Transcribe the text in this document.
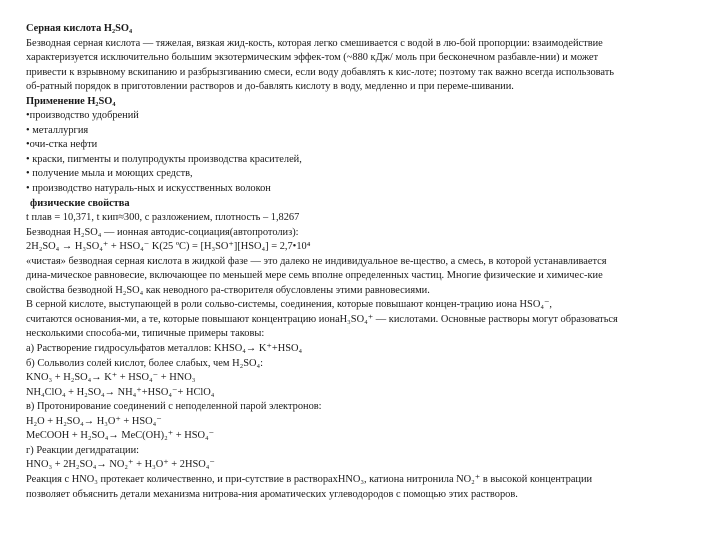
Серная кислота H₂SO₄
Безводная серная кислота — тяжелая, вязкая жид-кость, которая легко смешивается с водой в лю-бой пропорции: взаимодействие
характеризуется исключительно большим экзотермическим эффек-том (~880 кДж/ моль при бесконечном разбавле-нии) и может
привести к взрывному вскипанию и разбрызгиванию смеси, если воду добавлять к кис-лоте; поэтому так важно всегда использовать
об-ратный порядок в приготовлении растворов и до-бавлять кислоту в воду, медленно и при переме-шивании.
Применение H₂SO₄
•производство удобрений
• металлургия
•очи-стка нефти
• краски, пигменты и полупродукты производства красителей,
• получение мыла и моющих средств,
• производство натураль-ных и искусственных волокон
физические свойства
t плав = 10,371, t кип≈300, с разложением, плотность – 1,8267
Безводная H₂SO₄ — ионная автодис-социация(автопротолиз):
2H₂SO₄ → H₃SO₄⁺ + HSO₄⁻ K(25 ºC) = [H₃SO⁺][HSO₄] = 2,7•10⁴
«чистая» безводная серная кислота в жидкой фазе — это далеко не индивидуальное ве-щество, а смесь, в которой устанавливается
дина-мическое равновесие, включающее по меньшей мере семь вполне определенных частиц. Многие физические и химичес-кие
свойства безводной H₂SO₄ как неводного ра-створителя обусловлены этими равновесиями.
В серной кислоте, выступающей в роли сольво-системы, соединения, которые повышают концен-трацию иона HSO₄⁻,
считаются основания-ми, а те, которые повышают концентрацию ионаH₃SO₄⁺ — кислотами. Основные растворы могут образоваться
несколькими способа-ми, типичные примеры таковы:
а) Растворение гидросульфатов металлов: KHSO₄→ K⁺+HSO₄
б) Сольволиз солей кислот, более слабых, чем H₂SO₄:
KNO₃ + H₂SO₄→ K⁺ + HSO₄⁻ + HNO₃
NH₄ClO₄ + H₂SO₄→ NH₄⁺+HSO₄⁻+ HClO₄
в) Протонирование соединений с неподеленной парой электронов:
H₂O + H₂SO₄→ H₃O⁺ + HSO₄⁻
MeCOOH + H₂SO₄→ MeC(OH)₂⁺ + HSO₄⁻
г) Реакции дегидратации:
HNO₃ + 2H₂SO₄→ NO₂⁺ + H₃O⁺ + 2HSO₄⁻
Реакция с HNO₃ протекает количественно, и при-сутствие в растворахHNO₃, катиона нитронила NO₂⁺ в высокой концентрации
позволяет объяснить детали механизма нитрова-ния ароматических углеводородов с помощью этих растворов.
